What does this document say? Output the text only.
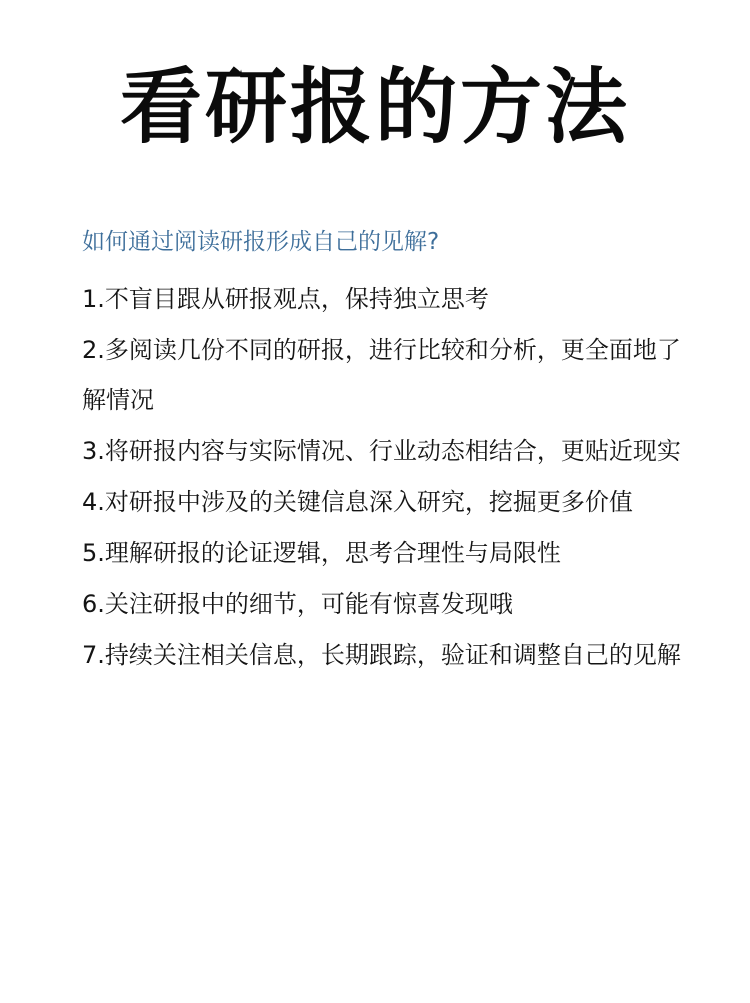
看研报的方法
如何通过阅读研报形成自己的见解?
1.不盲目跟从研报观点，保持独立思考
2.多阅读几份不同的研报，进行比较和分析，更全面地了解情况
3.将研报内容与实际情况、行业动态相结合，更贴近现实
4.对研报中涉及的关键信息深入研究，挖掘更多价值
5.理解研报的论证逻辑，思考合理性与局限性
6.关注研报中的细节，可能有惊喜发现哦
7.持续关注相关信息，长期跟踪，验证和调整自己的见解
